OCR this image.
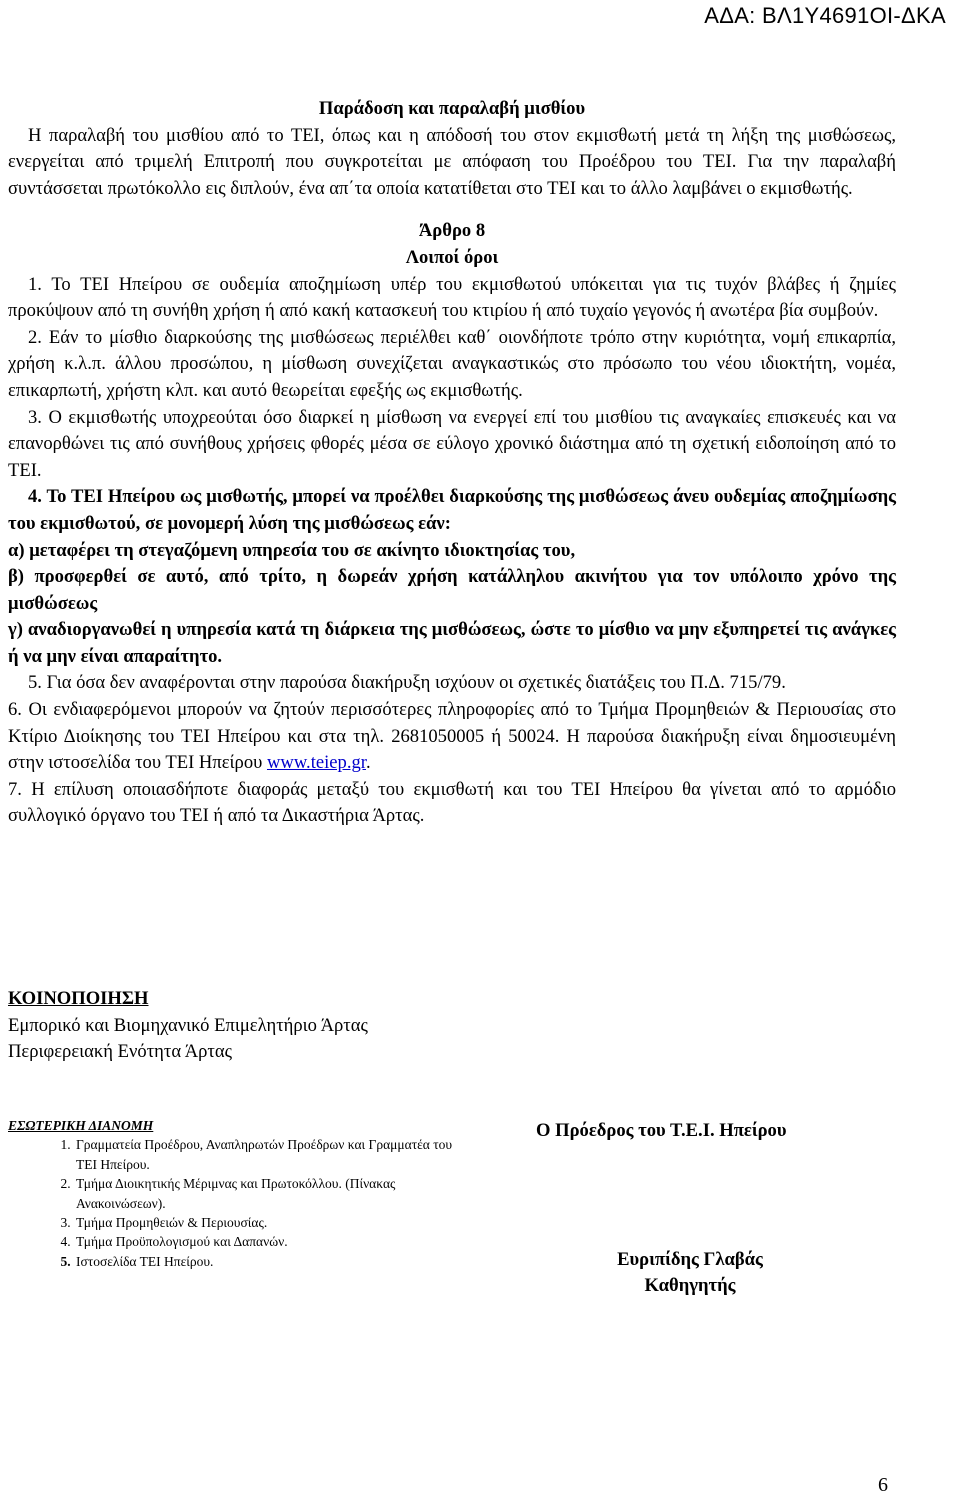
ΑΔΑ: ΒΛ1Υ4691ΟΙ-ΔΚΑ
Παράδοση και παραλαβή μισθίου
Η παραλαβή του μισθίου από το ΤΕΙ, όπως και η απόδοσή του στον εκμισθωτή μετά τη λήξη της μισθώσεως, ενεργείται από τριμελή Επιτροπή που συγκροτείται με απόφαση του Προέδρου του ΤΕΙ. Για την παραλαβή συντάσσεται πρωτόκολλο εις διπλούν, ένα απ΄τα οποία κατατίθεται στο ΤΕΙ και το άλλο λαμβάνει ο εκμισθωτής.
Άρθρο 8
Λοιποί όροι
1. Το ΤΕΙ Ηπείρου σε ουδεμία αποζημίωση υπέρ του εκμισθωτού υπόκειται για τις τυχόν βλάβες ή ζημίες προκύψουν από τη συνήθη χρήση ή από κακή κατασκευή του κτιρίου ή από τυχαίο γεγονός ή ανωτέρα βία συμβούν.
2. Εάν το μίσθιο διαρκούσης της μισθώσεως περιέλθει καθ΄ οιονδήποτε τρόπο στην κυριότητα, νομή επικαρπία, χρήση κ.λ.π. άλλου προσώπου, η μίσθωση συνεχίζεται αναγκαστικώς στο πρόσωπο του νέου ιδιοκτήτη, νομέα, επικαρπωτή, χρήστη κλπ. και αυτό θεωρείται εφεξής ως εκμισθωτής.
3. Ο εκμισθωτής υποχρεούται όσο διαρκεί η μίσθωση να ενεργεί επί του μισθίου τις αναγκαίες επισκευές και να επανορθώνει τις από συνήθους χρήσεις φθορές μέσα σε εύλογο χρονικό διάστημα από τη σχετική ειδοποίηση από το ΤΕΙ.
4. Το ΤΕΙ Ηπείρου ως μισθωτής, μπορεί να προέλθει διαρκούσης της μισθώσεως άνευ ουδεμίας αποζημίωσης του εκμισθωτού, σε μονομερή λύση της μισθώσεως εάν:
α) μεταφέρει τη στεγαζόμενη υπηρεσία του σε ακίνητο ιδιοκτησίας του,
β) προσφερθεί σε αυτό, από τρίτο, η δωρεάν χρήση κατάλληλου ακινήτου για τον υπόλοιπο χρόνο της μισθώσεως
γ) αναδιοργανωθεί η υπηρεσία κατά τη διάρκεια της μισθώσεως, ώστε το μίσθιο να μην εξυπηρετεί τις ανάγκες ή να μην είναι απαραίτητο.
5. Για όσα δεν αναφέρονται στην παρούσα διακήρυξη ισχύουν οι σχετικές διατάξεις του Π.Δ. 715/79.
6. Οι ενδιαφερόμενοι μπορούν να ζητούν περισσότερες πληροφορίες από το Τμήμα Προμηθειών & Περιουσίας στο Κτίριο Διοίκησης του ΤΕΙ Ηπείρου και στα τηλ. 2681050005 ή 50024. Η παρούσα διακήρυξη είναι δημοσιευμένη στην ιστοσελίδα του ΤΕΙ Ηπείρου www.teiep.gr.
7. Η επίλυση οποιασδήποτε διαφοράς μεταξύ του εκμισθωτή και του ΤΕΙ Ηπείρου θα γίνεται από το αρμόδιο συλλογικό όργανο του ΤΕΙ ή από τα Δικαστήρια Άρτας.
ΚΟΙΝΟΠΟΙΗΣΗ
Εμπορικό και Βιομηχανικό Επιμελητήριο Άρτας
Περιφερειακή Ενότητα Άρτας
ΕΣΩΤΕΡΙΚΗ ΔΙΑΝΟΜΗ
1. Γραμματεία Προέδρου, Αναπληρωτών Προέδρων και Γραμματέα του ΤΕΙ Ηπείρου.
2. Τμήμα Διοικητικής Μέριμνας και Πρωτοκόλλου. (Πίνακας Ανακοινώσεων).
3. Τμήμα Προμηθειών & Περιουσίας.
4. Τμήμα Προϋπολογισμού και Δαπανών.
5. Ιστοσελίδα ΤΕΙ Ηπείρου.
Ο Πρόεδρος του Τ.Ε.Ι. Ηπείρου
Ευριπίδης Γλαβάς
Καθηγητής
6
